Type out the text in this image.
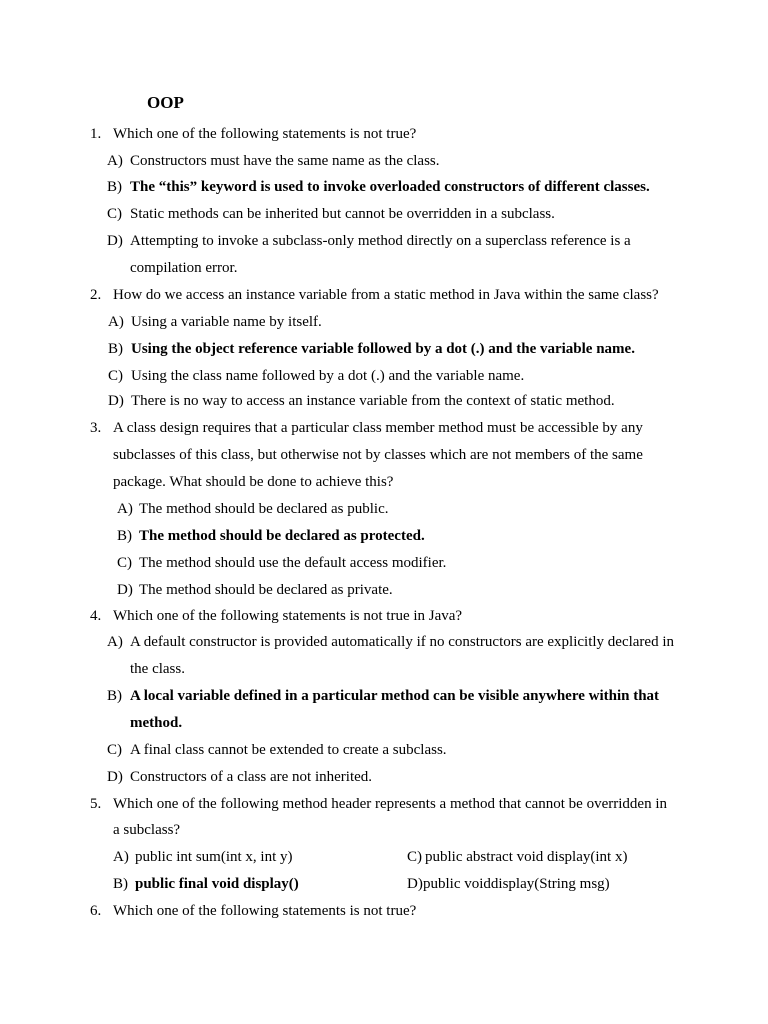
OOP
1. Which one of the following statements is not true?
A) Constructors must have the same name as the class.
B) The “this” keyword is used to invoke overloaded constructors of different classes.
C) Static methods can be inherited but cannot be overridden in a subclass.
D) Attempting to invoke a subclass-only method directly on a superclass reference is a
compilation error.
2. How do we access an instance variable from a static method in Java within the same class?
A) Using a variable name by itself.
B) Using the object reference variable followed by a dot (.) and the variable name.
C) Using the class name followed by a dot (.) and the variable name.
D) There is no way to access an instance variable from the context of static method.
3. A class design requires that a particular class member method must be accessible by any
subclasses of this class, but otherwise not by classes which are not members of the same
package. What should be done to achieve this?
A) The method should be declared as public.
B) The method should be declared as protected.
C) The method should use the default access modifier.
D) The method should be declared as private.
4. Which one of the following statements is not true in Java?
A) A default constructor is provided automatically if no constructors are explicitly declared in
the class.
B) A local variable defined in a particular method can be visible anywhere within that
method.
C) A final class cannot be extended to create a subclass.
D) Constructors of a class are not inherited.
5. Which one of the following method header represents a method that cannot be overridden in
a subclass?
A) public int sum(int x, int y)	C) public abstract void display(int x)
B) public final void display()	D) public voiddisplay(String msg)
6. Which one of the following statements is not true?
